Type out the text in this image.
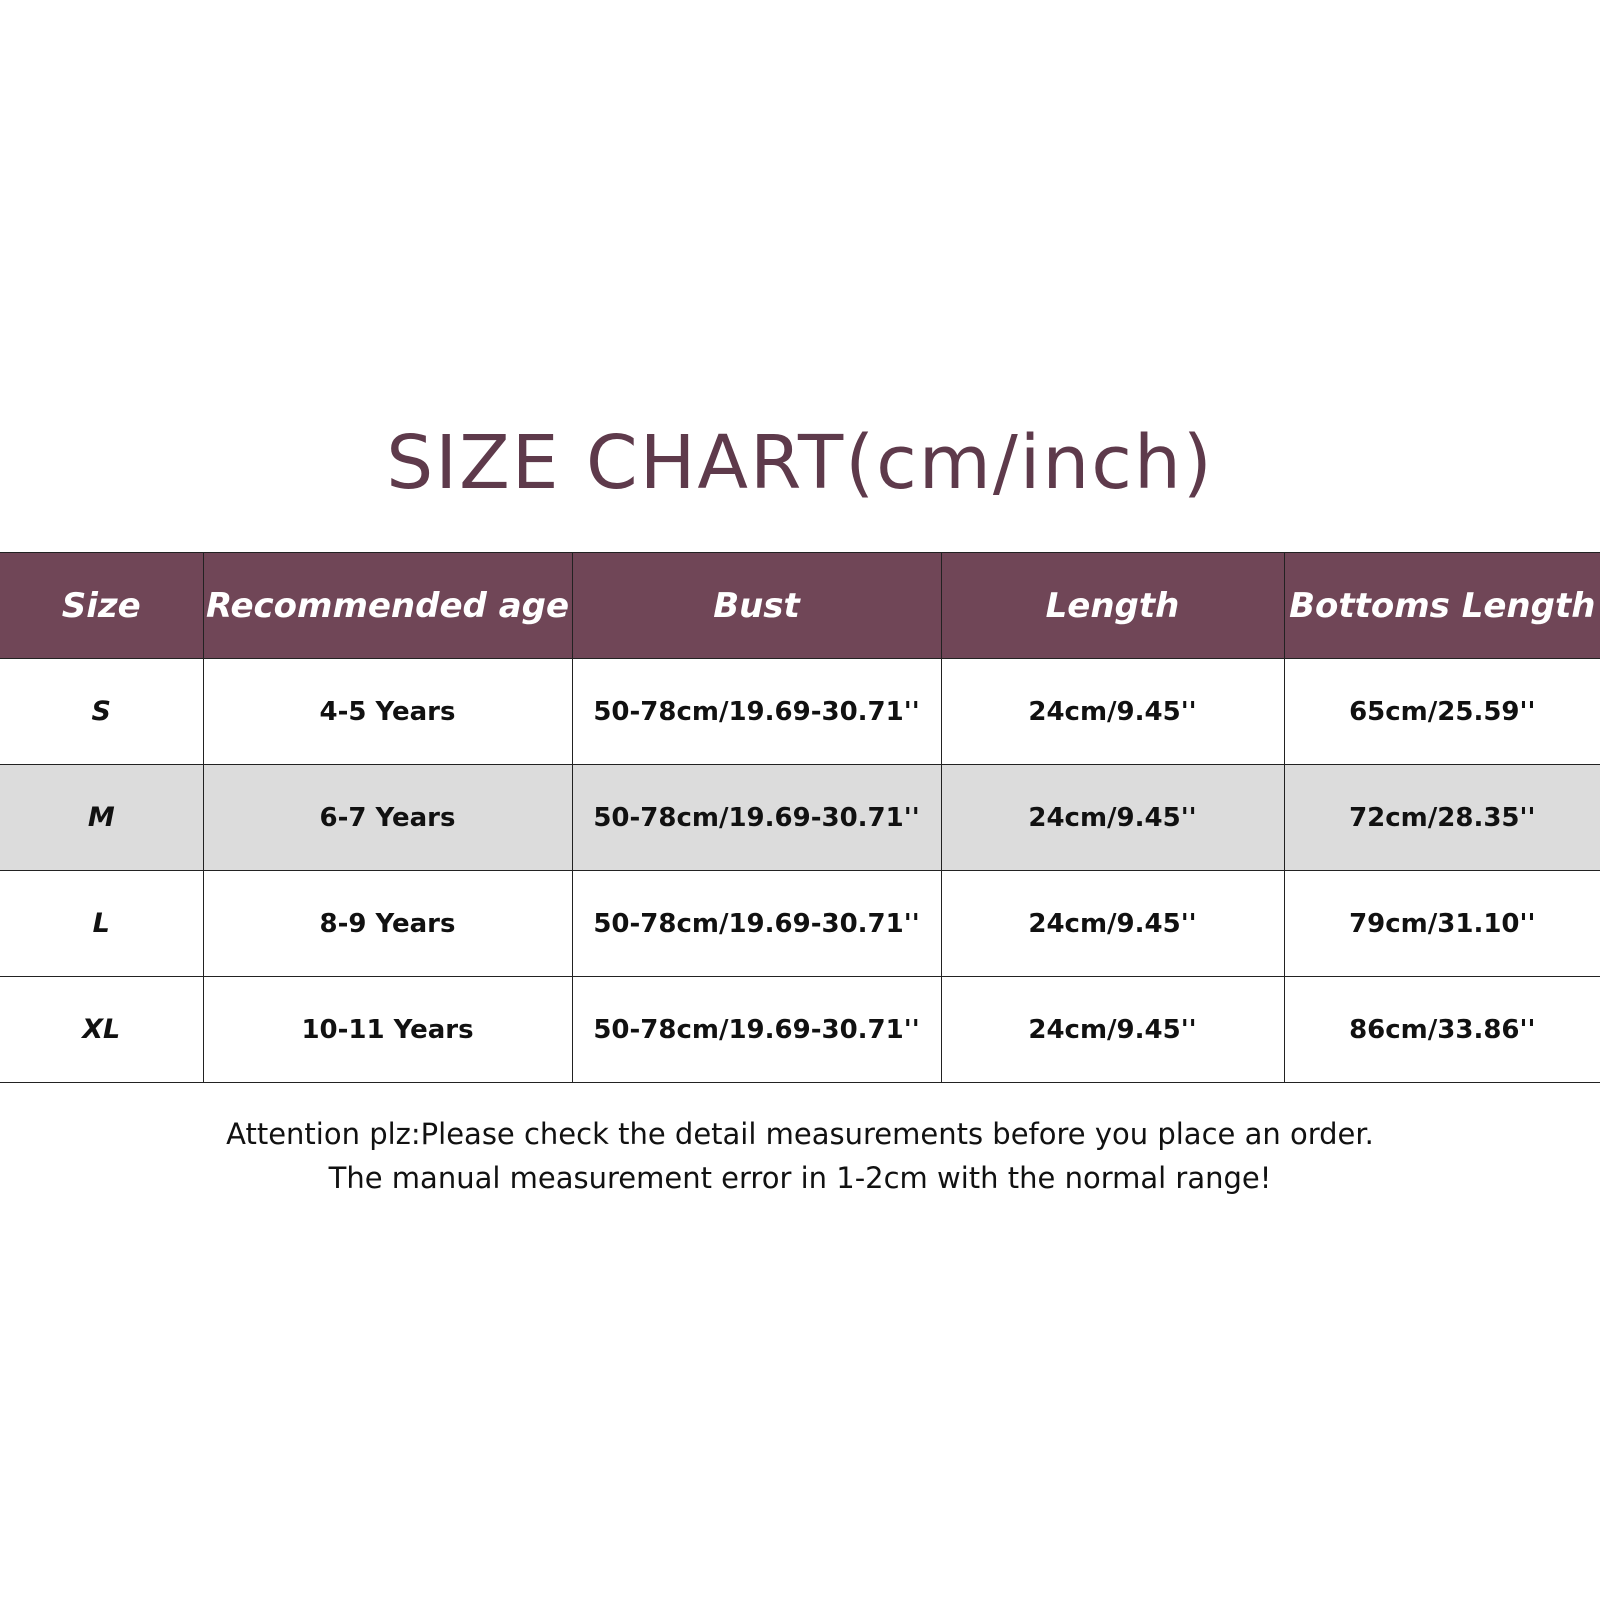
SIZE CHART(cm/inch)
Size	Recommended age	Bust	Length	Bottoms Length
S	4-5 Years	50-78cm/19.69-30.71''	24cm/9.45''	65cm/25.59''
M	6-7 Years	50-78cm/19.69-30.71''	24cm/9.45''	72cm/28.35''
L	8-9 Years	50-78cm/19.69-30.71''	24cm/9.45''	79cm/31.10''
XL	10-11 Years	50-78cm/19.69-30.71''	24cm/9.45''	86cm/33.86''
Attention plz:Please check the detail measurements before you place an order.
The manual measurement error in 1-2cm with the normal range!
